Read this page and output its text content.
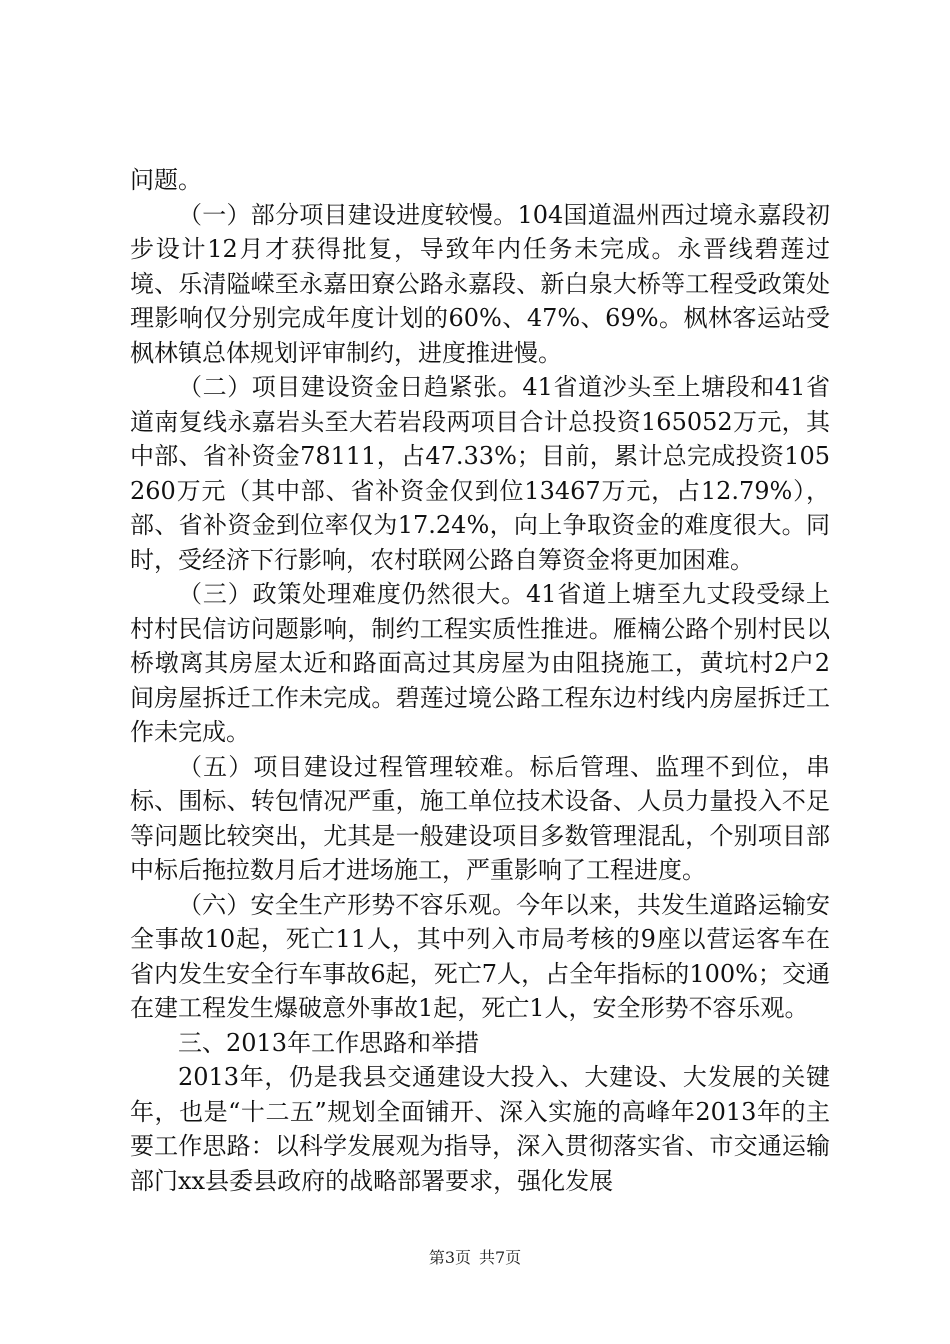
问题。

（一）部分项目建设进度较慢。104国道温州西过境永嘉段初步设计12月才获得批复，导致年内任务未完成。永晋线碧莲过境、乐清隘嵘至永嘉田寮公路永嘉段、新白泉大桥等工程受政策处理影响仅分别完成年度计划的60%、47%、69%。枫林客运站受枫林镇总体规划评审制约，进度推进慢。

（二）项目建设资金日趋紧张。41省道沙头至上塘段和41省道南复线永嘉岩头至大若岩段两项目合计总投资165052万元，其中部、省补资金78111，占47.33%；目前，累计总完成投资105260万元（其中部、省补资金仅到位13467万元，占12.79%），部、省补资金到位率仅为17.24%，向上争取资金的难度很大。同时，受经济下行影响，农村联网公路自筹资金将更加困难。

（三）政策处理难度仍然很大。41省道上塘至九丈段受绿上村村民信访问题影响，制约工程实质性推进。雁楠公路个别村民以桥墩离其房屋太近和路面高过其房屋为由阻挠施工，黄坑村2户2间房屋拆迁工作未完成。碧莲过境公路工程东边村线内房屋拆迁工作未完成。

（五）项目建设过程管理较难。标后管理、监理不到位，串标、围标、转包情况严重，施工单位技术设备、人员力量投入不足等问题比较突出，尤其是一般建设项目多数管理混乱，个别项目部中标后拖拉数月后才进场施工，严重影响了工程进度。

（六）安全生产形势不容乐观。今年以来，共发生道路运输安全事故10起，死亡11人，其中列入市局考核的9座以营运客车在省内发生安全行车事故6起，死亡7人，占全年指标的100%；交通在建工程发生爆破意外事故1起，死亡1人，安全形势不容乐观。

三、2013年工作思路和举措

2013年，仍是我县交通建设大投入、大建设、大发展的关键年，也是“十二五”规划全面铺开、深入实施的高峰年2013年的主要工作思路：以科学发展观为指导，深入贯彻落实省、市交通运输部门xx县委县政府的战略部署要求，强化发展

第3页 共7页
